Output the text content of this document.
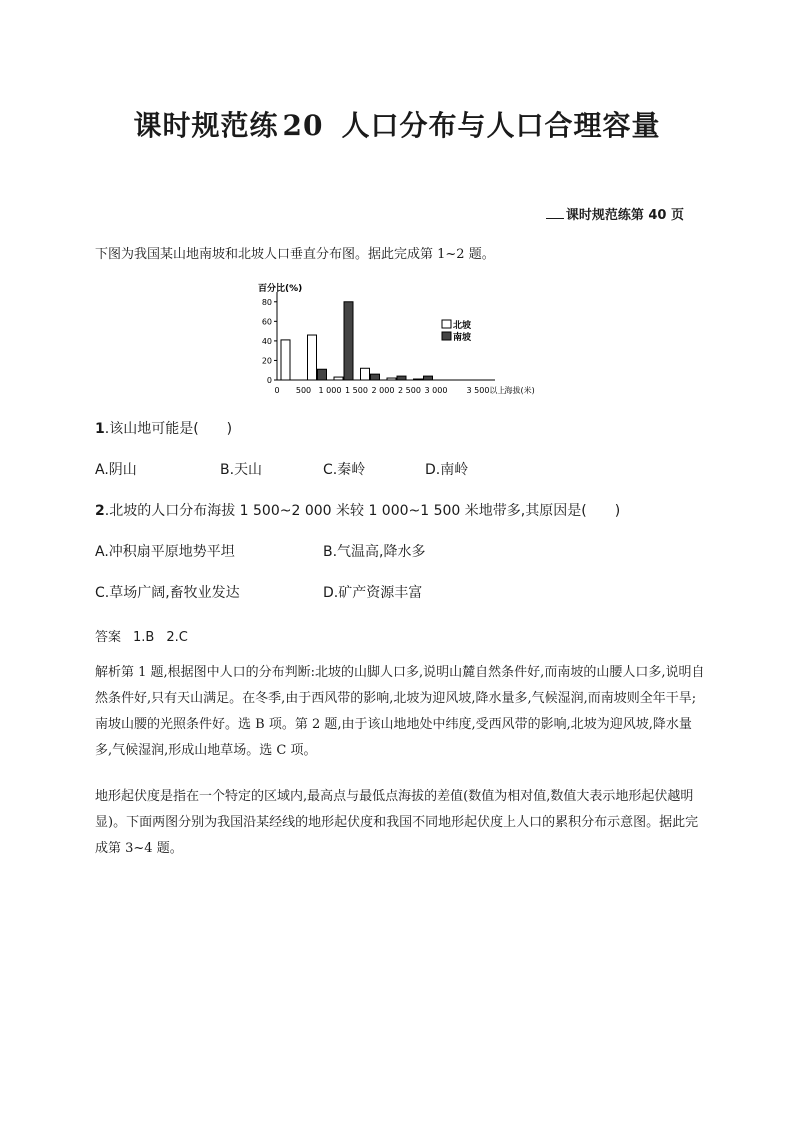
课时规范练 20 人口分布与人口合理容量
课时规范练第 40 页
下图为我国某山地南坡和北坡人口垂直分布图。据此完成第 1~2 题。
百分比(%)
0
20
40
60
80
0 500 1 000 1 500 2 000 2 500 3 000 3 500以上 海拔(米)
北坡
南坡
1.该山地可能是(　　)
A.阴山	B.天山	C.秦岭	D.南岭
2.北坡的人口分布海拔 1 500~2 000 米较 1 000~1 500 米地带多,其原因是(　　)
A.冲积扇平原地势平坦	B.气温高,降水多
C.草场广阔,畜牧业发达	D.矿产资源丰富
答案 1.B 2.C
解析第 1 题,根据图中人口的分布判断:北坡的山脚人口多,说明山麓自然条件好,而南坡的山腰人口多,说明自然条件好,只有天山满足。在冬季,由于西风带的影响,北坡为迎风坡,降水量多,气候湿润,而南坡则全年干旱;南坡山腰的光照条件好。选 B 项。第 2 题,由于该山地地处中纬度,受西风带的影响,北坡为迎风坡,降水量多,气候湿润,形成山地草场。选 C 项。
地形起伏度是指在一个特定的区域内,最高点与最低点海拔的差值(数值为相对值,数值大表示地形起伏越明显)。下面两图分别为我国沿某经线的地形起伏度和我国不同地形起伏度上人口的累积分布示意图。据此完成第 3~4 题。
